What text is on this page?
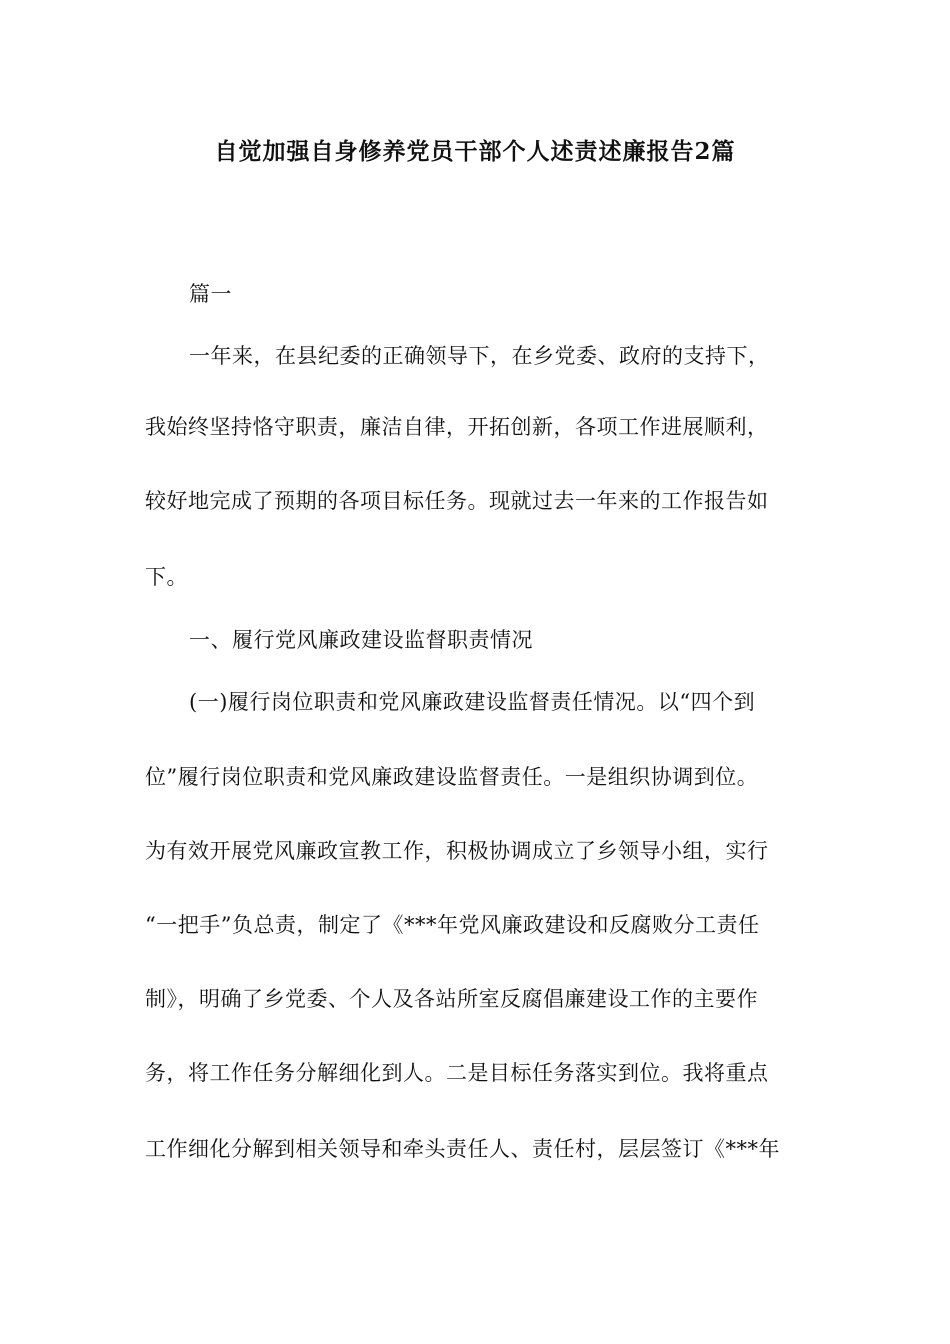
自觉加强自身修养党员干部个人述责述廉报告2篇
篇一
一年来，在县纪委的正确领导下，在乡党委、政府的支持下，
我始终坚持恪守职责，廉洁自律，开拓创新，各项工作进展顺利，
较好地完成了预期的各项目标任务。现就过去一年来的工作报告如
下。
一、履行党风廉政建设监督职责情况
(一)履行岗位职责和党风廉政建设监督责任情况。以“四个到
位”履行岗位职责和党风廉政建设监督责任。一是组织协调到位。
为有效开展党风廉政宣教工作，积极协调成立了乡领导小组，实行
“一把手”负总责，制定了《***年党风廉政建设和反腐败分工责任
制》，明确了乡党委、个人及各站所室反腐倡廉建设工作的主要作
务，将工作任务分解细化到人。二是目标任务落实到位。我将重点
工作细化分解到相关领导和牵头责任人、责任村，层层签订《***年
